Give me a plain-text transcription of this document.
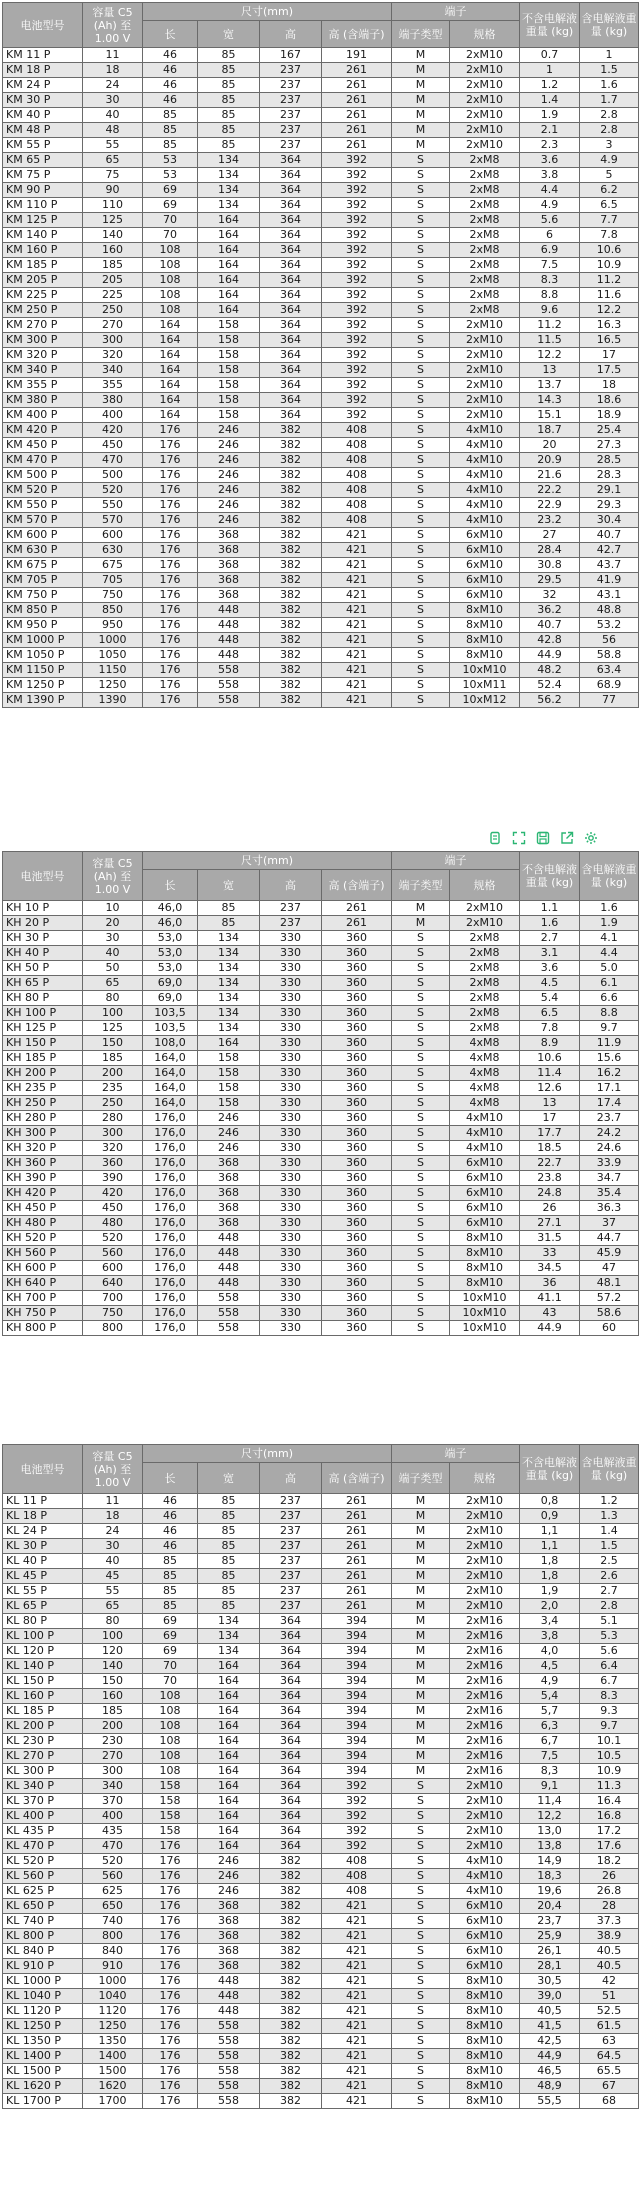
电池型号	容量 C5 (Ah) 至 1.00 V	尺寸(mm)				端子		不含电解液重量 (kg)	含电解液重量 (kg)
		长	宽	高	高 (含端子)	端子类型	规格		
KM 11 P	11	46	85	167	191	M	2xM10	0.7	1
KM 18 P	18	46	85	237	261	M	2xM10	1	1.5
KM 24 P	24	46	85	237	261	M	2xM10	1.2	1.6
KM 30 P	30	46	85	237	261	M	2xM10	1.4	1.7
KM 40 P	40	85	85	237	261	M	2xM10	1.9	2.8
KM 48 P	48	85	85	237	261	M	2xM10	2.1	2.8
KM 55 P	55	85	85	237	261	M	2xM10	2.3	3
KM 65 P	65	53	134	364	392	S	2xM8	3.6	4.9
KM 75 P	75	53	134	364	392	S	2xM8	3.8	5
KM 90 P	90	69	134	364	392	S	2xM8	4.4	6.2
KM 110 P	110	69	134	364	392	S	2xM8	4.9	6.5
KM 125 P	125	70	164	364	392	S	2xM8	5.6	7.7
KM 140 P	140	70	164	364	392	S	2xM8	6	7.8
KM 160 P	160	108	164	364	392	S	2xM8	6.9	10.6
KM 185 P	185	108	164	364	392	S	2xM8	7.5	10.9
KM 205 P	205	108	164	364	392	S	2xM8	8.3	11.2
KM 225 P	225	108	164	364	392	S	2xM8	8.8	11.6
KM 250 P	250	108	164	364	392	S	2xM8	9.6	12.2
KM 270 P	270	164	158	364	392	S	2xM10	11.2	16.3
KM 300 P	300	164	158	364	392	S	2xM10	11.5	16.5
KM 320 P	320	164	158	364	392	S	2xM10	12.2	17
KM 340 P	340	164	158	364	392	S	2xM10	13	17.5
KM 355 P	355	164	158	364	392	S	2xM10	13.7	18
KM 380 P	380	164	158	364	392	S	2xM10	14.3	18.6
KM 400 P	400	164	158	364	392	S	2xM10	15.1	18.9
KM 420 P	420	176	246	382	408	S	4xM10	18.7	25.4
KM 450 P	450	176	246	382	408	S	4xM10	20	27.3
KM 470 P	470	176	246	382	408	S	4xM10	20.9	28.5
KM 500 P	500	176	246	382	408	S	4xM10	21.6	28.3
KM 520 P	520	176	246	382	408	S	4xM10	22.2	29.1
KM 550 P	550	176	246	382	408	S	4xM10	22.9	29.3
KM 570 P	570	176	246	382	408	S	4xM10	23.2	30.4
KM 600 P	600	176	368	382	421	S	6xM10	27	40.7
KM 630 P	630	176	368	382	421	S	6xM10	28.4	42.7
KM 675 P	675	176	368	382	421	S	6xM10	30.8	43.7
KM 705 P	705	176	368	382	421	S	6xM10	29.5	41.9
KM 750 P	750	176	368	382	421	S	6xM10	32	43.1
KM 850 P	850	176	448	382	421	S	8xM10	36.2	48.8
KM 950 P	950	176	448	382	421	S	8xM10	40.7	53.2
KM 1000 P	1000	176	448	382	421	S	8xM10	42.8	56
KM 1050 P	1050	176	448	382	421	S	8xM10	44.9	58.8
KM 1150 P	1150	176	558	382	421	S	10xM10	48.2	63.4
KM 1250 P	1250	176	558	382	421	S	10xM11	52.4	68.9
KM 1390 P	1390	176	558	382	421	S	10xM12	56.2	77
电池型号	容量 C5 (Ah) 至 1.00 V	尺寸(mm)				端子		不含电解液重量 (kg)	含电解液重量 (kg)
		长	宽	高	高 (含端子)	端子类型	规格		
KH 10 P	10	46,0	85	237	261	M	2xM10	1.1	1.6
KH 20 P	20	46,0	85	237	261	M	2xM10	1.6	1.9
KH 30 P	30	53,0	134	330	360	S	2xM8	2.7	4.1
KH 40 P	40	53,0	134	330	360	S	2xM8	3.1	4.4
KH 50 P	50	53,0	134	330	360	S	2xM8	3.6	5.0
KH 65 P	65	69,0	134	330	360	S	2xM8	4.5	6.1
KH 80 P	80	69,0	134	330	360	S	2xM8	5.4	6.6
KH 100 P	100	103,5	134	330	360	S	2xM8	6.5	8.8
KH 125 P	125	103,5	134	330	360	S	2xM8	7.8	9.7
KH 150 P	150	108,0	164	330	360	S	4xM8	8.9	11.9
KH 185 P	185	164,0	158	330	360	S	4xM8	10.6	15.6
KH 200 P	200	164,0	158	330	360	S	4xM8	11.4	16.2
KH 235 P	235	164,0	158	330	360	S	4xM8	12.6	17.1
KH 250 P	250	164,0	158	330	360	S	4xM8	13	17.4
KH 280 P	280	176,0	246	330	360	S	4xM10	17	23.7
KH 300 P	300	176,0	246	330	360	S	4xM10	17.7	24.2
KH 320 P	320	176,0	246	330	360	S	4xM10	18.5	24.6
KH 360 P	360	176,0	368	330	360	S	6xM10	22.7	33.9
KH 390 P	390	176,0	368	330	360	S	6xM10	23.8	34.7
KH 420 P	420	176,0	368	330	360	S	6xM10	24.8	35.4
KH 450 P	450	176,0	368	330	360	S	6xM10	26	36.3
KH 480 P	480	176,0	368	330	360	S	6xM10	27.1	37
KH 520 P	520	176,0	448	330	360	S	8xM10	31.5	44.7
KH 560 P	560	176,0	448	330	360	S	8xM10	33	45.9
KH 600 P	600	176,0	448	330	360	S	8xM10	34.5	47
KH 640 P	640	176,0	448	330	360	S	8xM10	36	48.1
KH 700 P	700	176,0	558	330	360	S	10xM10	41.1	57.2
KH 750 P	750	176,0	558	330	360	S	10xM10	43	58.6
KH 800 P	800	176,0	558	330	360	S	10xM10	44.9	60
电池型号	容量 C5 (Ah) 至 1.00 V	尺寸(mm)				端子		不含电解液重量 (kg)	含电解液重量 (kg)
		长	宽	高	高 (含端子)	端子类型	规格		
KL 11 P	11	46	85	237	261	M	2xM10	0,8	1.2
KL 18 P	18	46	85	237	261	M	2xM10	0,9	1.3
KL 24 P	24	46	85	237	261	M	2xM10	1,1	1.4
KL 30 P	30	46	85	237	261	M	2xM10	1,1	1.5
KL 40 P	40	85	85	237	261	M	2xM10	1,8	2.5
KL 45 P	45	85	85	237	261	M	2xM10	1,8	2.6
KL 55 P	55	85	85	237	261	M	2xM10	1,9	2.7
KL 65 P	65	85	85	237	261	M	2xM10	2,0	2.8
KL 80 P	80	69	134	364	394	M	2xM16	3,4	5.1
KL 100 P	100	69	134	364	394	M	2xM16	3,8	5.3
KL 120 P	120	69	134	364	394	M	2xM16	4,0	5.6
KL 140 P	140	70	164	364	394	M	2xM16	4,5	6.4
KL 150 P	150	70	164	364	394	M	2xM16	4,9	6.7
KL 160 P	160	108	164	364	394	M	2xM16	5,4	8.3
KL 185 P	185	108	164	364	394	M	2xM16	5,7	9.3
KL 200 P	200	108	164	364	394	M	2xM16	6,3	9.7
KL 230 P	230	108	164	364	394	M	2xM16	6,7	10.1
KL 270 P	270	108	164	364	394	M	2xM16	7,5	10.5
KL 300 P	300	108	164	364	394	M	2xM16	8,3	10.9
KL 340 P	340	158	164	364	392	S	2xM10	9,1	11.3
KL 370 P	370	158	164	364	392	S	2xM10	11,4	16.4
KL 400 P	400	158	164	364	392	S	2xM10	12,2	16.8
KL 435 P	435	158	164	364	392	S	2xM10	13,0	17.2
KL 470 P	470	176	164	364	392	S	2xM10	13,8	17.6
KL 520 P	520	176	246	382	408	S	4xM10	14,9	18.2
KL 560 P	560	176	246	382	408	S	4xM10	18,3	26
KL 625 P	625	176	246	382	408	S	4xM10	19,6	26.8
KL 650 P	650	176	368	382	421	S	6xM10	20,4	28
KL 740 P	740	176	368	382	421	S	6xM10	23,7	37.3
KL 800 P	800	176	368	382	421	S	6xM10	25,9	38.9
KL 840 P	840	176	368	382	421	S	6xM10	26,1	40.5
KL 910 P	910	176	368	382	421	S	6xM10	28,1	40.5
KL 1000 P	1000	176	448	382	421	S	8xM10	30,5	42
KL 1040 P	1040	176	448	382	421	S	8xM10	39,0	51
KL 1120 P	1120	176	448	382	421	S	8xM10	40,5	52.5
KL 1250 P	1250	176	558	382	421	S	8xM10	41,5	61.5
KL 1350 P	1350	176	558	382	421	S	8xM10	42,5	63
KL 1400 P	1400	176	558	382	421	S	8xM10	44,9	64.5
KL 1500 P	1500	176	558	382	421	S	8xM10	46,5	65.5
KL 1620 P	1620	176	558	382	421	S	8xM10	48,9	67
KL 1700 P	1700	176	558	382	421	S	8xM10	55,5	68
